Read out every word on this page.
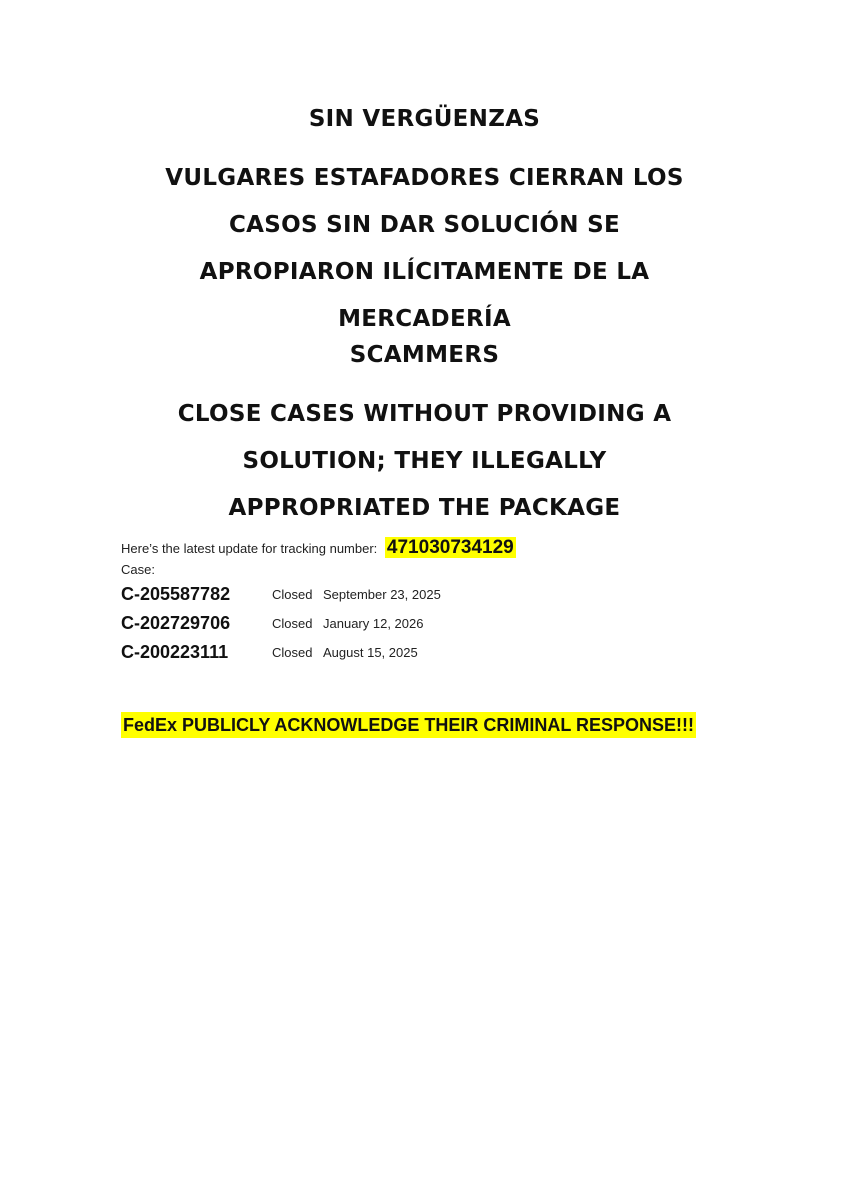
SIN VERGÜENZAS
VULGARES ESTAFADORES CIERRAN LOS
CASOS SIN DAR SOLUCIÓN SE
APROPIARON ILÍCITAMENTE DE LA
MERCADERÍA
SCAMMERS
CLOSE CASES WITHOUT PROVIDING A
SOLUTION; THEY ILLEGALLY
APPROPRIATED THE PACKAGE
Here’s the latest update for tracking number: 471030734129
Case:
C-205587782	Closed September 23, 2025
C-202729706	Closed January 12, 2026
C-200223111	Closed August 15, 2025
FedEx PUBLICLY ACKNOWLEDGE THEIR CRIMINAL RESPONSE!!!
